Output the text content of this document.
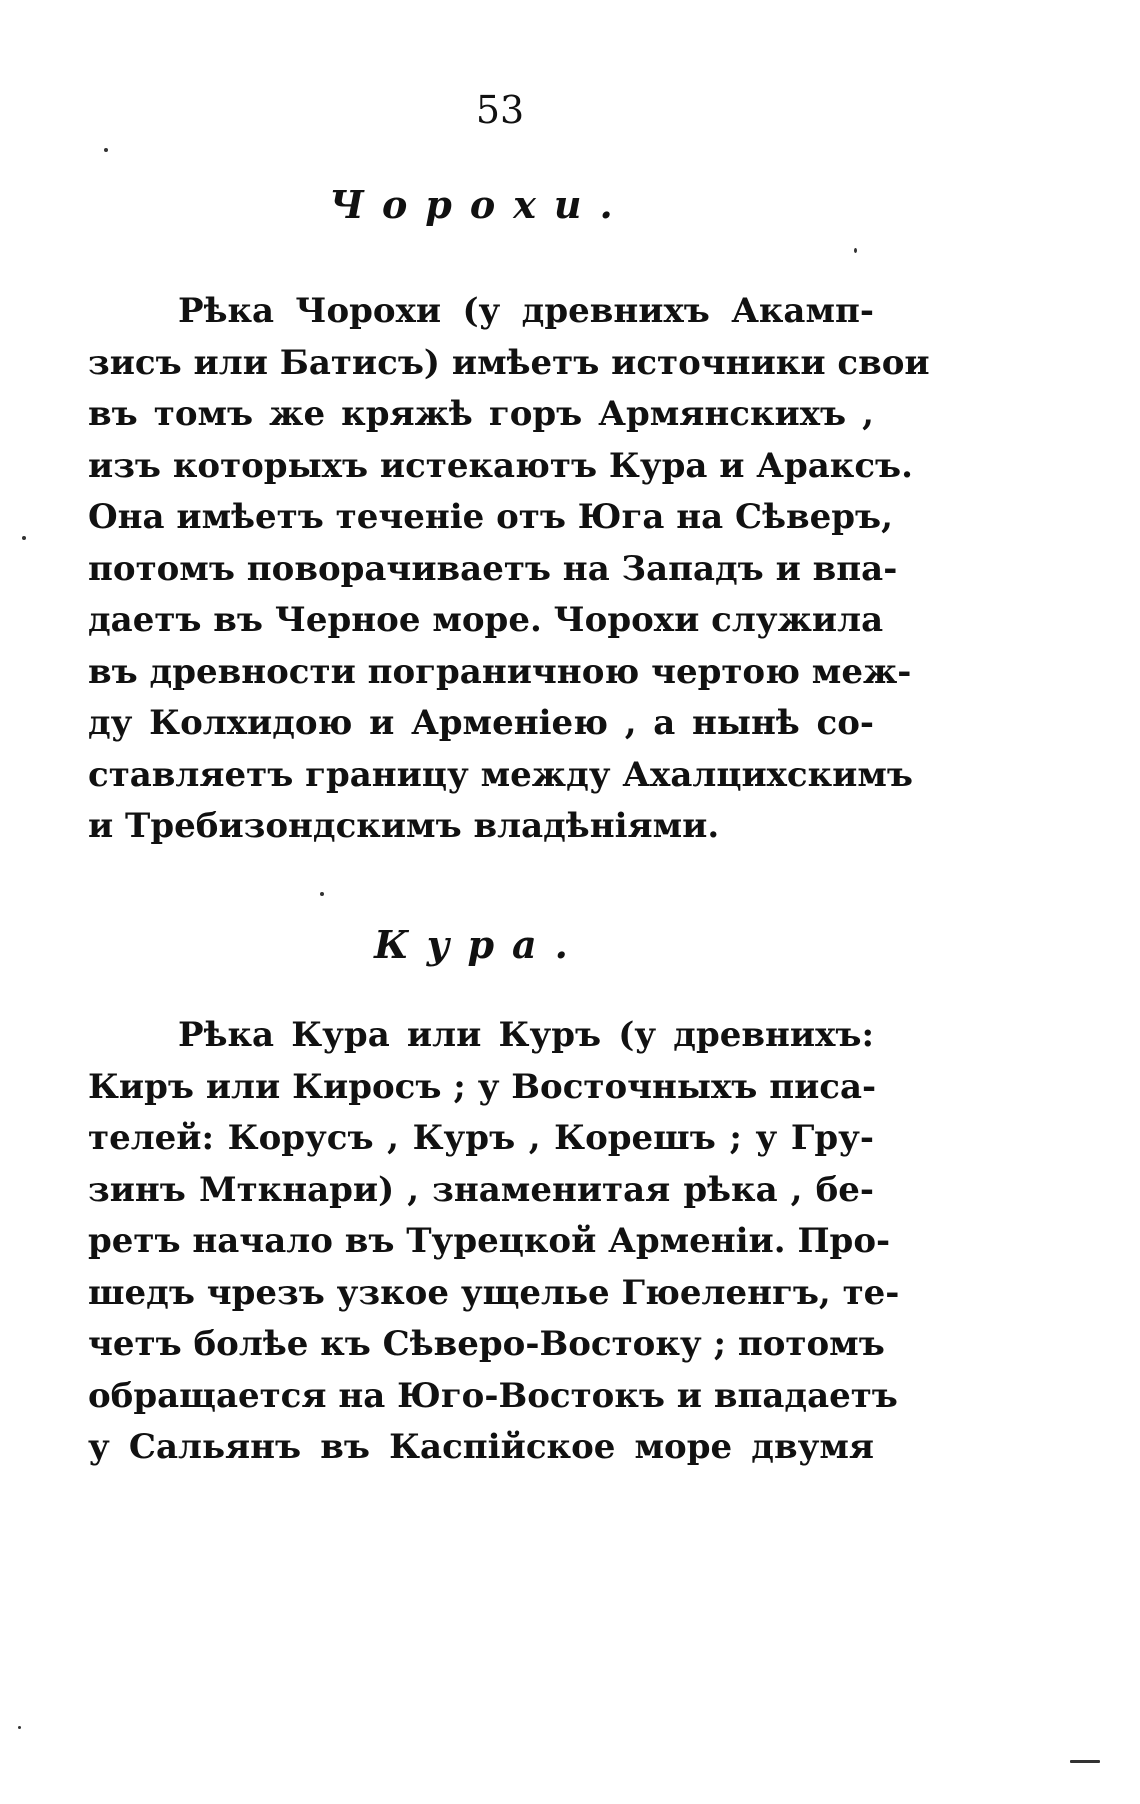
53
Чорохи.
Рѣка Чорохи (у древнихъ Акамп-
зисъ или Батисъ) имѣетъ источники свои
въ томъ же кряжѣ горъ Армянскихъ ,
изъ которыхъ истекаютъ Кура и Араксъ.
Она имѣетъ теченіе отъ Юга на Сѣверъ,
потомъ поворачиваетъ на Западъ и впа-
даетъ въ Черное море. Чорохи служила
въ древности пограничною чертою меж-
ду Колхидою и Арменіею , а нынѣ со-
ставляетъ границу между Ахалцихскимъ
и Требизондскимъ владѣніями.
Кура.
Рѣка Кура или Куръ (у древнихъ:
Киръ или Киросъ ; у Восточныхъ писа-
телей: Корусъ , Куръ , Корешъ ; у Гру-
зинъ Мткнари) , знаменитая рѣка , бе-
ретъ начало въ Турецкой Арменіи. Про-
шедъ чрезъ узкое ущелье Гюеленгъ, те-
четъ болѣе къ Сѣверо-Востоку ; потомъ
обращается на Юго-Востокъ и впадаетъ
у Сальянъ въ Каспійское море двумя
